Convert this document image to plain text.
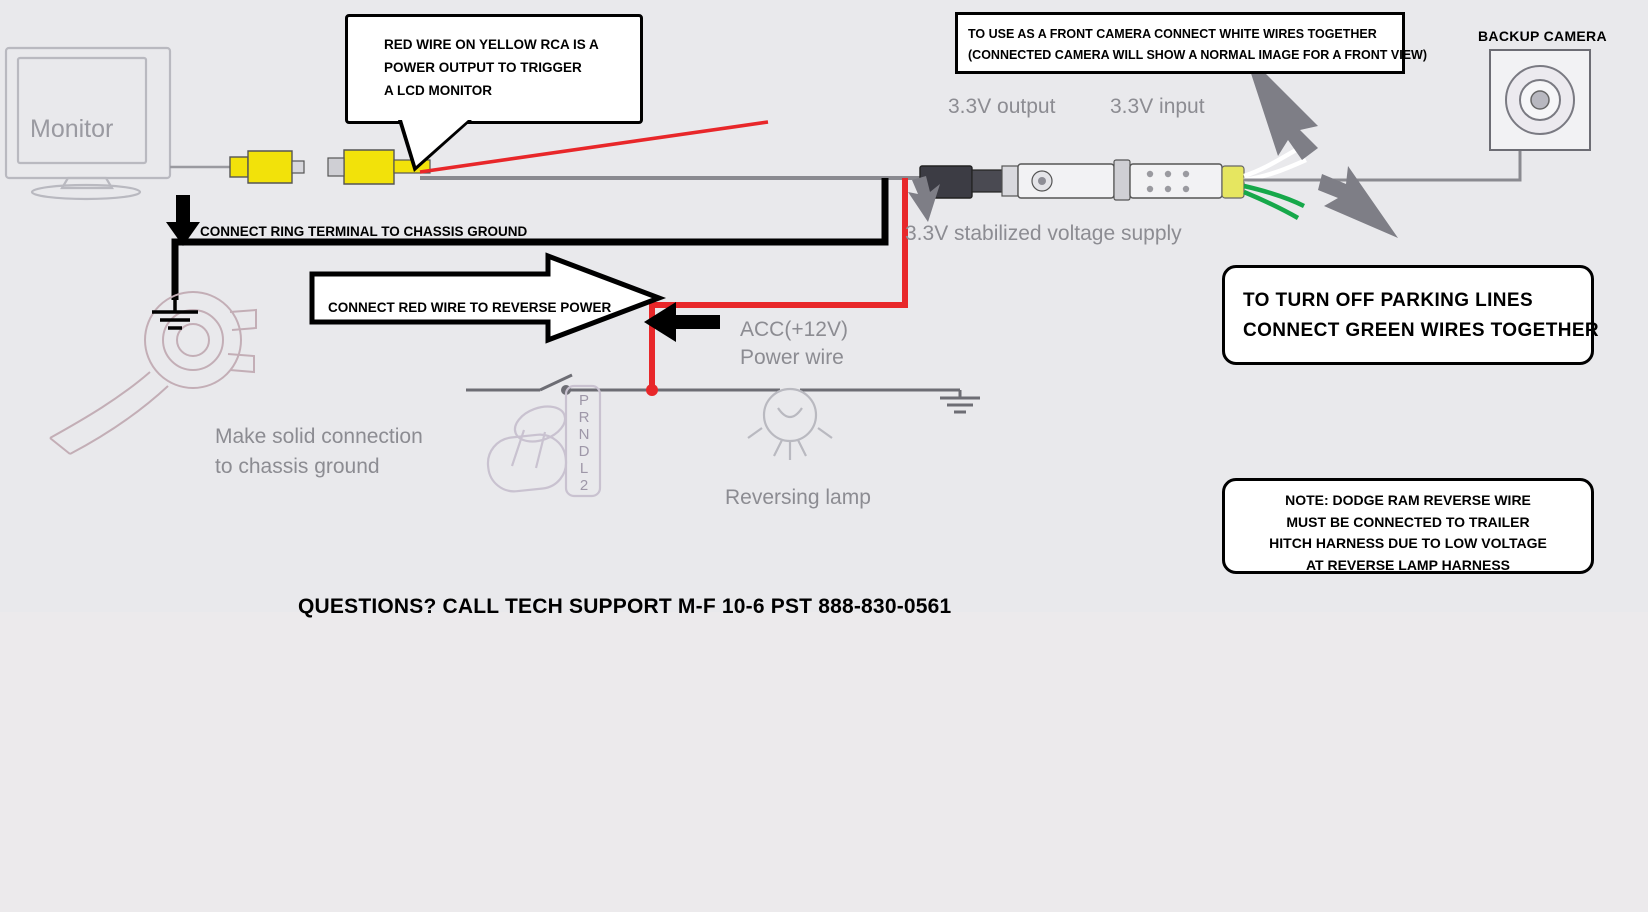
P
R
N
D
L
2
CONNECT RED WIRE TO REVERSE POWER
RED WIRE ON YELLOW RCA IS A
POWER OUTPUT TO TRIGGER
A LCD MONITOR
TO USE AS A FRONT CAMERA CONNECT WHITE WIRES TOGETHER
(CONNECTED CAMERA WILL SHOW A NORMAL IMAGE FOR A FRONT VIEW)
TO TURN OFF PARKING LINES
CONNECT GREEN WIRES TOGETHER
NOTE: DODGE RAM REVERSE WIRE
MUST BE CONNECTED TO TRAILER
HITCH HARNESS DUE TO LOW VOLTAGE
AT REVERSE LAMP HARNESS
Monitor
BACKUP CAMERA
3.3V output	3.3V input
3.3V stabilized voltage supply
ACC(+12V)
Power wire
Reversing lamp
Make solid connection
to chassis ground
CONNECT RING TERMINAL TO CHASSIS GROUND
QUESTIONS? CALL TECH SUPPORT M-F 10-6 PST 888-830-0561
